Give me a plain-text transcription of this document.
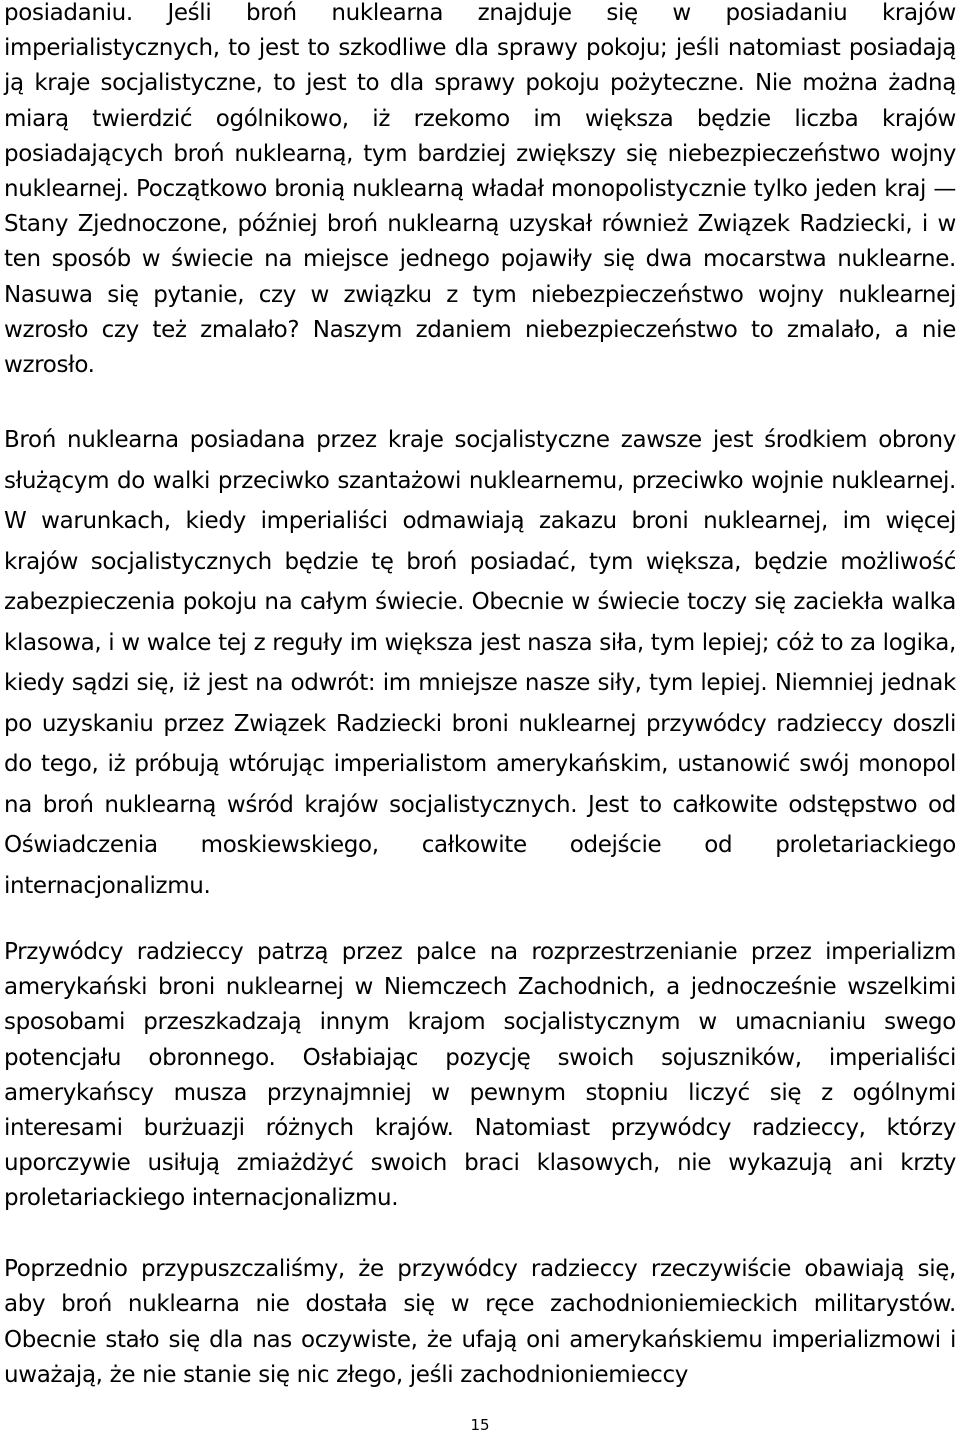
posiadaniu. Jeśli broń nuklearna znajduje się w posiadaniu krajów imperialistycznych, to jest to szkodliwe dla sprawy pokoju; jeśli natomiast posiadają ją kraje socjalistyczne, to jest to dla sprawy pokoju pożyteczne. Nie można żadną miarą twierdzić ogólnikowo, iż rzekomo im większa będzie liczba krajów posiadających broń nuklearną, tym bardziej zwiększy się niebezpieczeństwo wojny nuklearnej. Początkowo bronią nuklearną władał monopolistycznie tylko jeden kraj — Stany Zjednoczone, później broń nuklearną uzyskał również Związek Radziecki, i w ten sposób w świecie na miejsce jednego pojawiły się dwa mocarstwa nuklearne. Nasuwa się pytanie, czy w związku z tym niebezpieczeństwo wojny nuklearnej wzrosło czy też zmalało? Naszym zdaniem niebezpieczeństwo to zmalało, a nie wzrosło.

Broń nuklearna posiadana przez kraje socjalistyczne zawsze jest środkiem obrony służącym do walki przeciwko szantażowi nuklearnemu, przeciwko wojnie nuklearnej. W warunkach, kiedy imperialiści odmawiają zakazu broni nuklearnej, im więcej krajów socjalistycznych będzie tę broń posiadać, tym większa, będzie możliwość zabezpieczenia pokoju na całym świecie. Obecnie w świecie toczy się zaciekła walka klasowa, i w walce tej z reguły im większa jest nasza siła, tym lepiej; cóż to za logika, kiedy sądzi się, iż jest na odwrót: im mniejsze nasze siły, tym lepiej. Niemniej jednak po uzyskaniu przez Związek Radziecki broni nuklearnej przywódcy radzieccy doszli do tego, iż próbują wtórując imperialistom amerykańskim, ustanowić swój monopol na broń nuklearną wśród krajów socjalistycznych. Jest to całkowite odstępstwo od Oświadczenia moskiewskiego, całkowite odejście od proletariackiego internacjonalizmu.

Przywódcy radzieccy patrzą przez palce na rozprzestrzenianie przez imperializm amerykański broni nuklearnej w Niemczech Zachodnich, a jednocześnie wszelkimi sposobami przeszkadzają innym krajom socjalistycznym w umacnianiu swego potencjału obronnego. Osłabiając pozycję swoich sojuszników, imperialiści amerykańscy musza przynajmniej w pewnym stopniu liczyć się z ogólnymi interesami burżuazji różnych krajów. Natomiast przywódcy radzieccy, którzy uporczywie usiłują zmiażdżyć swoich braci klasowych, nie wykazują ani krzty proletariackiego internacjonalizmu.

Poprzednio przypuszczaliśmy, że przywódcy radzieccy rzeczywiście obawiają się, aby broń nuklearna nie dostała się w ręce zachodnioniemieckich militarystów. Obecnie stało się dla nas oczywiste, że ufają oni amerykańskiemu imperializmowi i uważają, że nie stanie się nic złego, jeśli zachodnioniemieccy

15
